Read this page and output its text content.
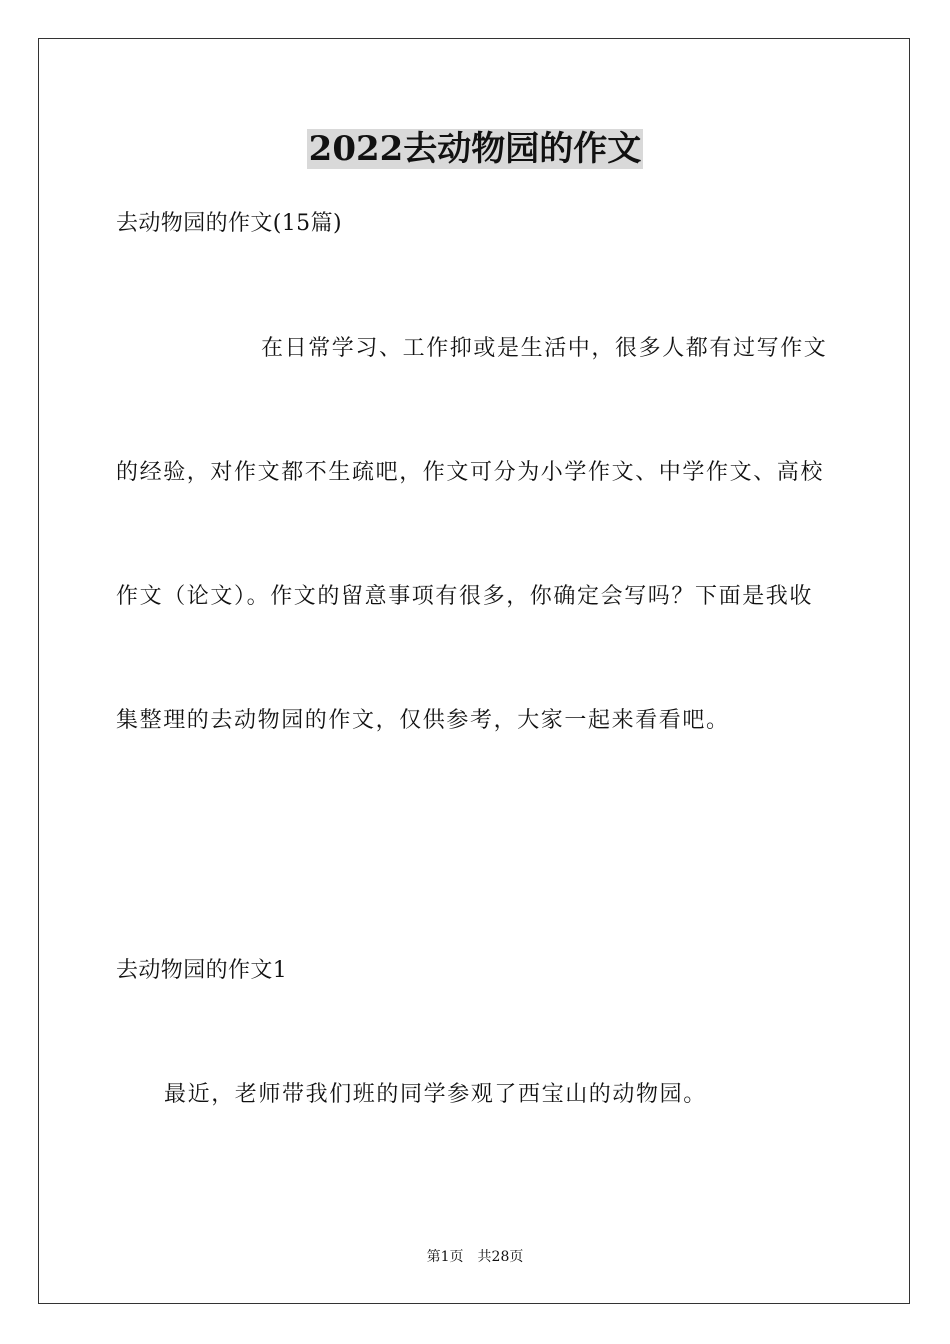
2022去动物园的作文
去动物园的作文(15篇)
在日常学习、工作抑或是生活中，很多人都有过写作文
的经验，对作文都不生疏吧，作文可分为小学作文、中学作文、高校
作文（论文）。作文的留意事项有很多，你确定会写吗？下面是我收
集整理的去动物园的作文，仅供参考，大家一起来看看吧。
去动物园的作文1
最近，老师带我们班的同学参观了西宝山的动物园。
第1页 共28页
